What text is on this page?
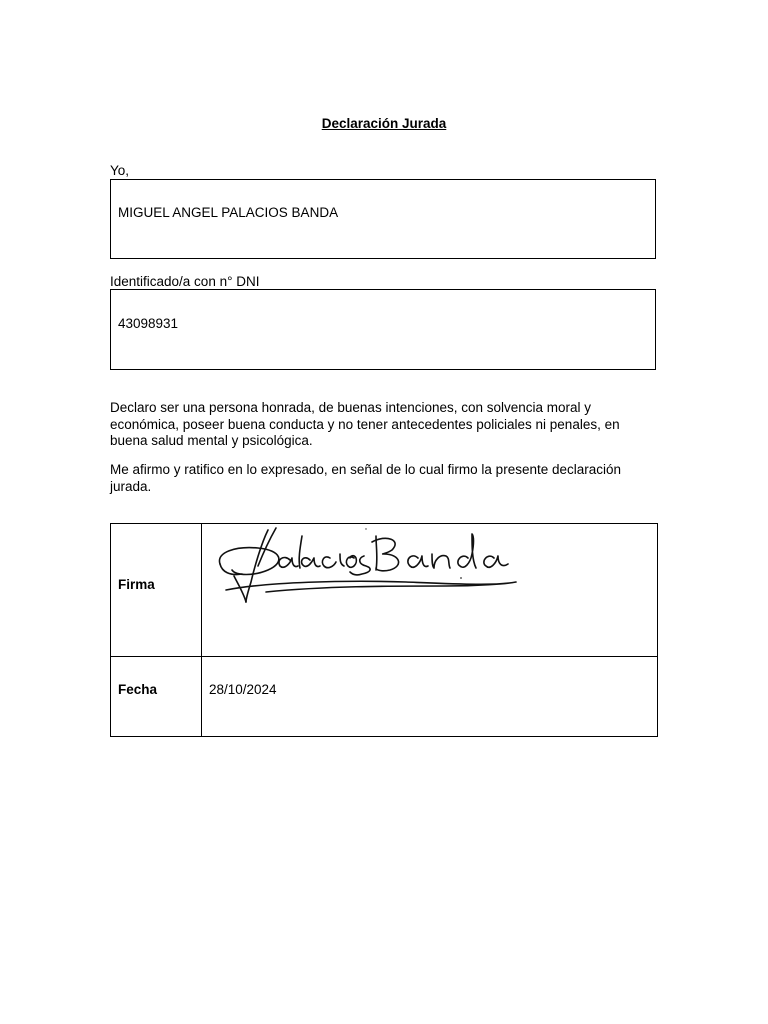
Declaración Jurada
Yo,
MIGUEL ANGEL PALACIOS BANDA
Identificado/a con n° DNI
43098931
Declaro ser una persona honrada, de buenas intenciones, con solvencia moral y económica, poseer buena conducta y no tener antecedentes policiales ni penales, en buena salud mental y psicológica.
Me afirmo y ratifico en lo expresado, en señal de lo cual firmo la presente declaración jurada.
Firma
Fecha	28/10/2024
